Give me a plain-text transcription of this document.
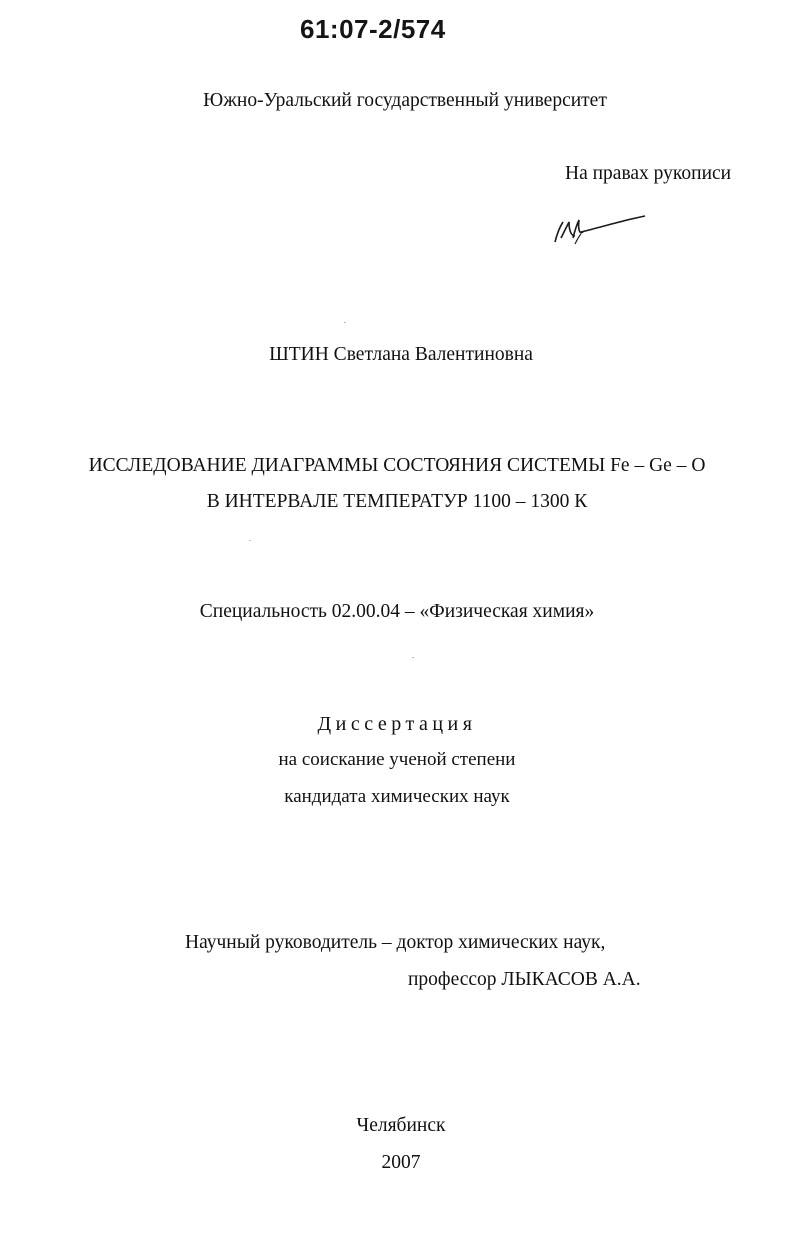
61:07-2/574
Южно-Уральский государственный университет
На правах рукописи
ШТИН Светлана Валентиновна
ИССЛЕДОВАНИЕ ДИАГРАММЫ СОСТОЯНИЯ СИСТЕМЫ Fe – Ge – O
В ИНТЕРВАЛЕ ТЕМПЕРАТУР 1100 – 1300 К
Специальность 02.00.04 – «Физическая химия»
Диссертация
на соискание ученой степени
кандидата химических наук
Научный руководитель – доктор химических наук,
профессор ЛЫКАСОВ А.А.
Челябинск
2007
